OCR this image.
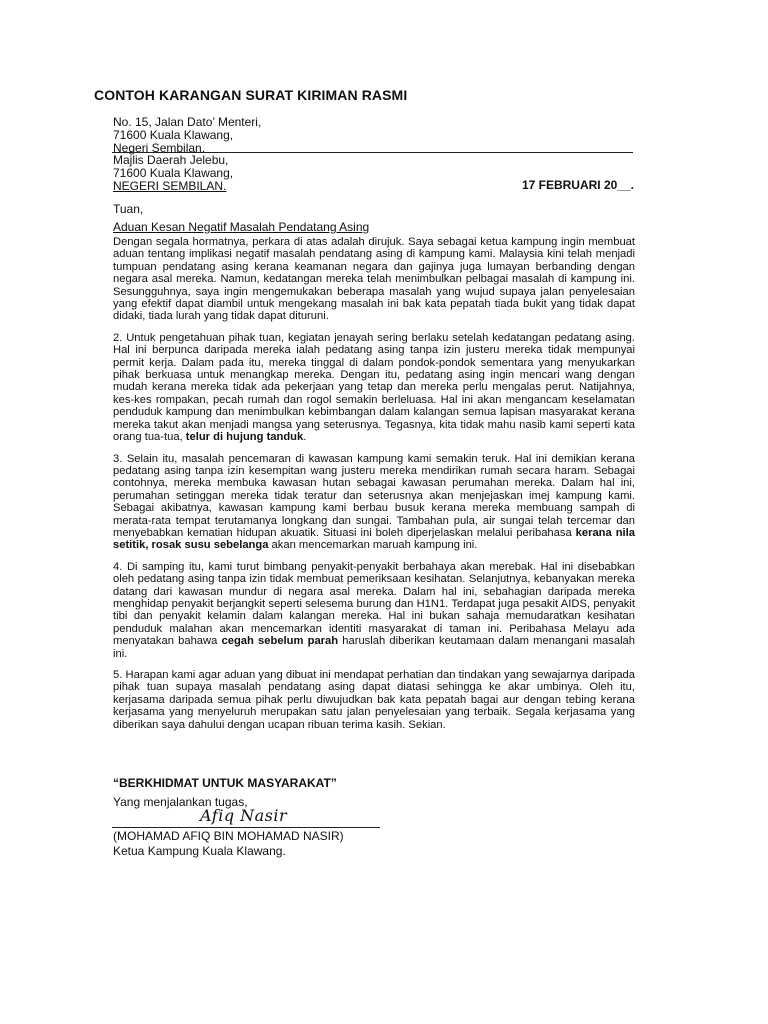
CONTOH KARANGAN SURAT KIRIMAN RASMI
No. 15, Jalan Dato’ Menteri,
71600 Kuala Klawang,
Negeri Sembilan.
Majlis Daerah Jelebu,
71600 Kuala Klawang,
NEGERI SEMBILAN.	17 FEBRUARI 20__.
Tuan,
Aduan Kesan Negatif Masalah Pendatang Asing

Dengan segala hormatnya, perkara di atas adalah dirujuk. Saya sebagai ketua kampung ingin membuat aduan tentang implikasi negatif masalah pendatang asing di kampung kami. Malaysia kini telah menjadi tumpuan pendatang asing kerana keamanan negara dan gajinya juga lumayan berbanding dengan negara asal mereka. Namun, kedatangan mereka telah menimbulkan pelbagai masalah di kampung ini. Sesungguhnya, saya ingin mengemukakan beberapa masalah yang wujud supaya jalan penyelesaian yang efektif dapat diambil untuk mengekang masalah ini bak kata pepatah tiada bukit yang tidak dapat didaki, tiada lurah yang tidak dapat dituruni.

2. Untuk pengetahuan pihak tuan, kegiatan jenayah sering berlaku setelah kedatangan pedatang asing. Hal ini berpunca daripada mereka ialah pedatang asing tanpa izin justeru mereka tidak mempunyai permit kerja. Dalam pada itu, mereka tinggal di dalam pondok-pondok sementara yang menyukarkan pihak berkuasa untuk menangkap mereka. Dengan itu, pedatang asing ingin mencari wang dengan mudah kerana mereka tidak ada pekerjaan yang tetap dan mereka perlu mengalas perut. Natijahnya, kes-kes rompakan, pecah rumah dan rogol semakin berleluasa. Hal ini akan mengancam keselamatan penduduk kampung dan menimbulkan kebimbangan dalam kalangan semua lapisan masyarakat kerana mereka takut akan menjadi mangsa yang seterusnya. Tegasnya, kita tidak mahu nasib kami seperti kata orang tua-tua, telur di hujung tanduk.

3. Selain itu, masalah pencemaran di kawasan kampung kami semakin teruk. Hal ini demikian kerana pedatang asing tanpa izin kesempitan wang justeru mereka mendirikan rumah secara haram. Sebagai contohnya, mereka membuka kawasan hutan sebagai kawasan perumahan mereka. Dalam hal ini, perumahan setinggan mereka tidak teratur dan seterusnya akan menjejaskan imej kampung kami. Sebagai akibatnya, kawasan kampung kami berbau busuk kerana mereka membuang sampah di merata-rata tempat terutamanya longkang dan sungai. Tambahan pula, air sungai telah tercemar dan menyebabkan kematian hidupan akuatik. Situasi ini boleh diperjelaskan melalui peribahasa kerana nila setitik, rosak susu sebelanga akan mencemarkan maruah kampung ini.

4. Di samping itu, kami turut bimbang penyakit-penyakit berbahaya akan merebak. Hal ini disebabkan oleh pedatang asing tanpa izin tidak membuat pemeriksaan kesihatan. Selanjutnya, kebanyakan mereka datang dari kawasan mundur di negara asal mereka. Dalam hal ini, sebahagian daripada mereka menghidap penyakit berjangkit seperti selesema burung dan H1N1. Terdapat juga pesakit AIDS, penyakit tibi dan penyakit kelamin dalam kalangan mereka. Hal ini bukan sahaja memudaratkan kesihatan penduduk malahan akan mencemarkan identiti masyarakat di taman ini. Peribahasa Melayu ada menyatakan bahawa cegah sebelum parah haruslah diberikan keutamaan dalam menangani masalah ini.

5. Harapan kami agar aduan yang dibuat ini mendapat perhatian dan tindakan yang sewajarnya daripada pihak tuan supaya masalah pendatang asing dapat diatasi sehingga ke akar umbinya. Oleh itu, kerjasama daripada semua pihak perlu diwujudkan bak kata pepatah bagai aur dengan tebing kerana kerjasama yang menyeluruh merupakan satu jalan penyelesaian yang terbaik. Segala kerjasama yang diberikan saya dahului dengan ucapan ribuan terima kasih. Sekian.

“BERKHIDMAT UNTUK MASYARAKAT”
Yang menjalankan tugas,
Afiq Nasir
(MOHAMAD AFIQ BIN MOHAMAD NASIR)
Ketua Kampung Kuala Klawang.
